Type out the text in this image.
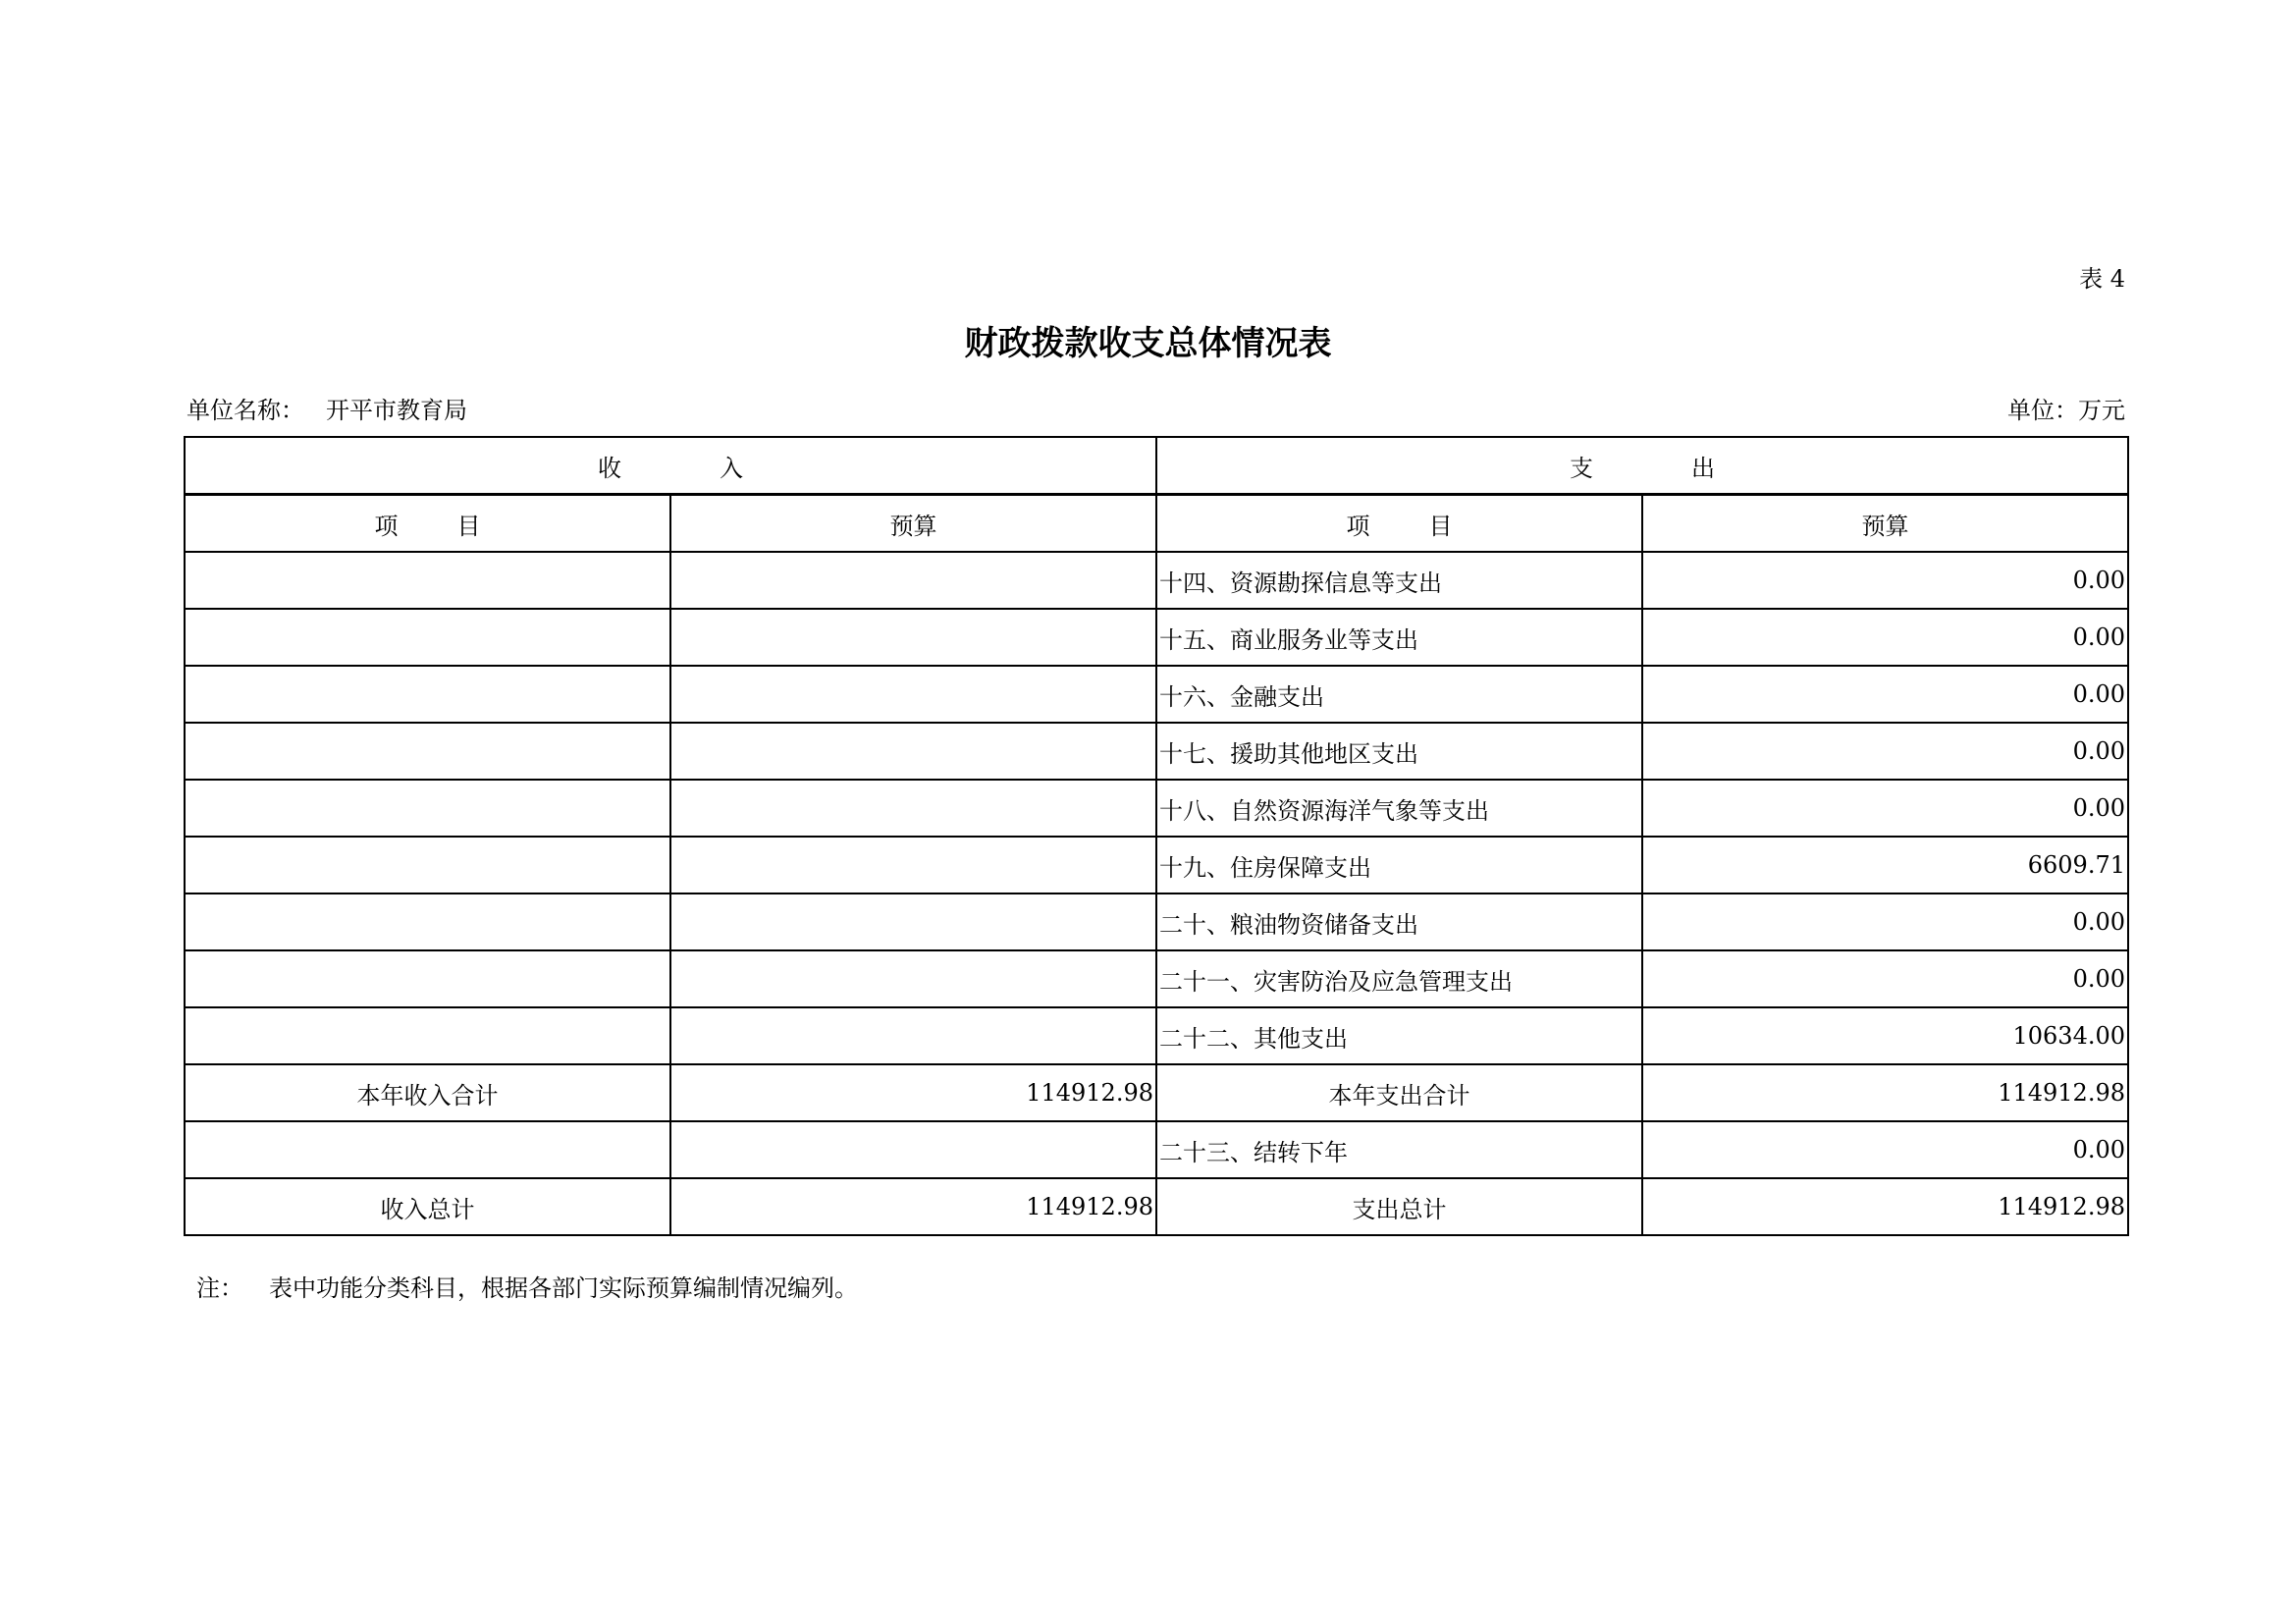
表 4
财政拨款收支总体情况表
单位名称： 开平市教育局	单位：万元
收入		支出	
项目	预算	项目	预算
		十四、资源勘探信息等支出	0.00
		十五、商业服务业等支出	0.00
		十六、金融支出	0.00
		十七、援助其他地区支出	0.00
		十八、自然资源海洋气象等支出	0.00
		十九、住房保障支出	6609.71
		二十、粮油物资储备支出	0.00
		二十一、灾害防治及应急管理支出	0.00
		二十二、其他支出	10634.00
本年收入合计	114912.98	本年支出合计	114912.98
		二十三、结转下年	0.00
收入总计	114912.98	支出总计	114912.98
注： 表中功能分类科目，根据各部门实际预算编制情况编列。
